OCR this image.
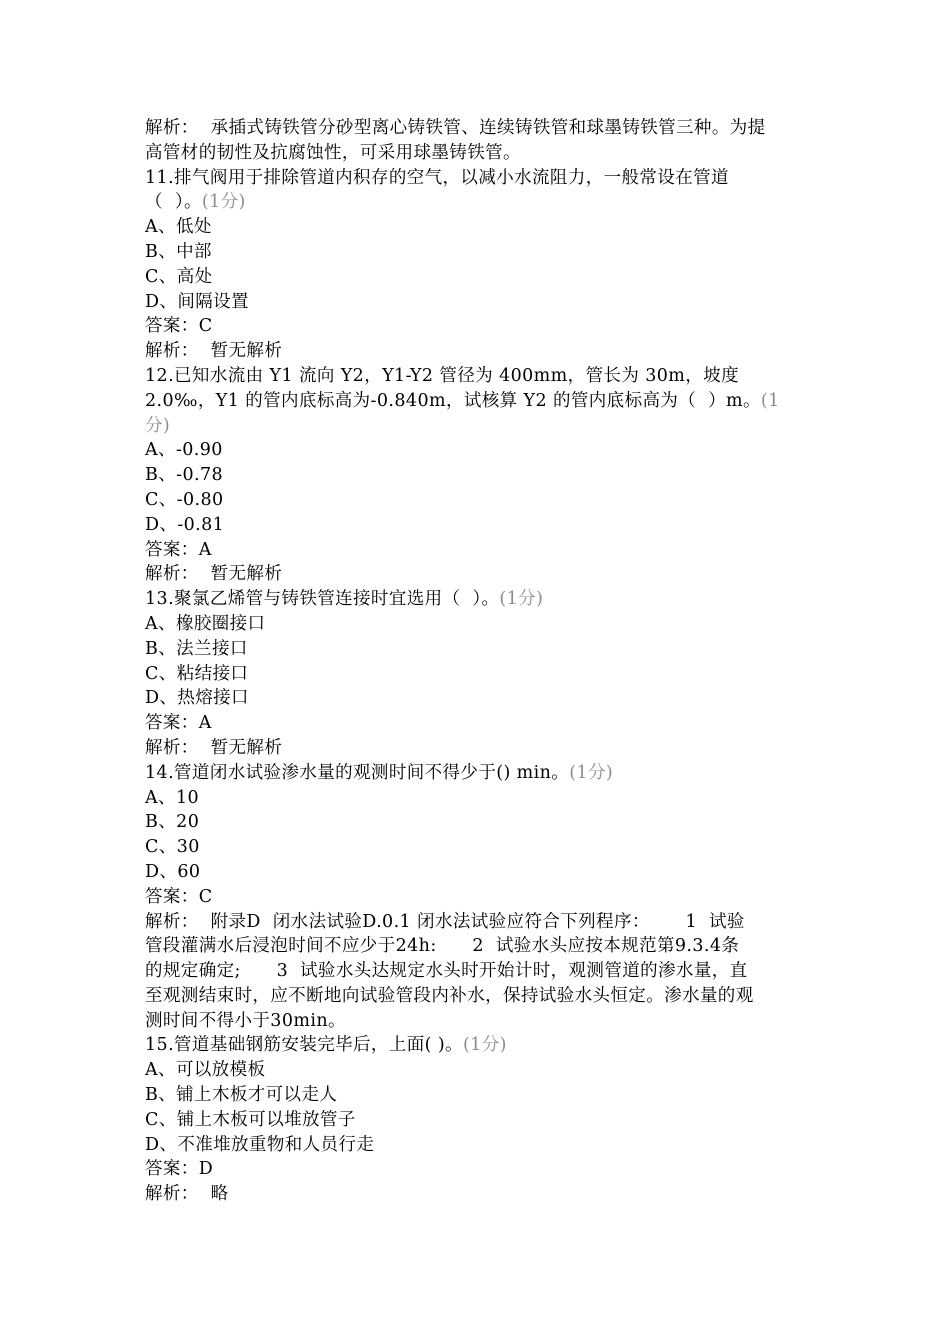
解析：  承插式铸铁管分砂型离心铸铁管、连续铸铁管和球墨铸铁管三种。为提
高管材的韧性及抗腐蚀性，可采用球墨铸铁管。
11.排气阀用于排除管道内积存的空气，以减小水流阻力，一般常设在管道
（  ）。(1分)
A、低处
B、中部
C、高处
D、间隔设置
答案：C
解析：  暂无解析
12.已知水流由 Y1 流向 Y2，Y1-Y2 管径为 400mm，管长为 30m，坡度
2.0‰，Y1 的管内底标高为-0.840m，试核算 Y2 的管内底标高为（  ）m。(1
分)
A、-0.90
B、-0.78
C、-0.80
D、-0.81
答案：A
解析：  暂无解析
13.聚氯乙烯管与铸铁管连接时宜选用（  ）。(1分)
A、橡胶圈接口
B、法兰接口
C、粘结接口
D、热熔接口
答案：A
解析：  暂无解析
14.管道闭水试验渗水量的观测时间不得少于() min。(1分)
A、10
B、20
C、30
D、60
答案：C
解析：  附录D  闭水法试验D.0.1 闭水法试验应符合下列程序：      1  试验
管段灌满水后浸泡时间不应少于24h:      2  试验水头应按本规范第9.3.4条
的规定确定;      3  试验水头达规定水头时开始计时，观测管道的渗水量，直
至观测结束时，应不断地向试验管段内补水，保持试验水头恒定。渗水量的观
测时间不得小于30min。
15.管道基础钢筋安装完毕后，上面( )。(1分)
A、可以放模板
B、铺上木板才可以走人
C、铺上木板可以堆放管子
D、不准堆放重物和人员行走
答案：D
解析：  略
